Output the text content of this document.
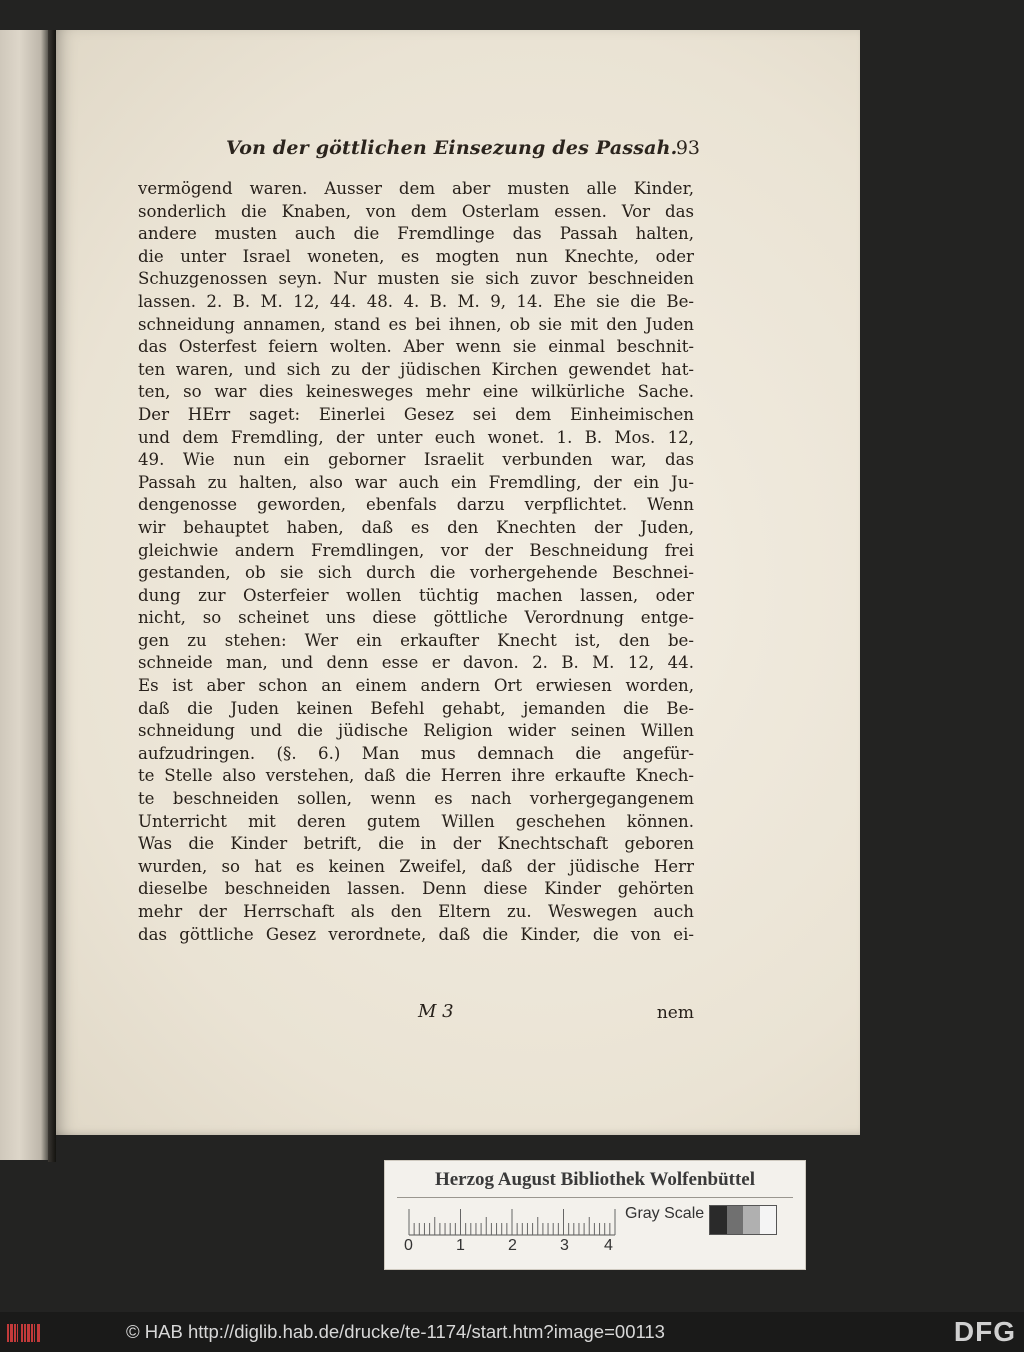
Von der göttlichen Einsezung des Passah.
93
vermögend waren. Ausser dem aber musten alle Kinder,
sonderlich die Knaben, von dem Osterlam essen. Vor das
andere musten auch die Fremdlinge das Passah halten,
die unter Israel woneten, es mogten nun Knechte, oder
Schuzgenossen seyn. Nur musten sie sich zuvor beschneiden
lassen. 2. B. M. 12, 44. 48. 4. B. M. 9, 14. Ehe sie die Be-
schneidung annamen, stand es bei ihnen, ob sie mit den Juden
das Osterfest feiern wolten. Aber wenn sie einmal beschnit-
ten waren, und sich zu der jüdischen Kirchen gewendet hat-
ten, so war dies keinesweges mehr eine wilkürliche Sache.
Der HErr saget: Einerlei Gesez sei dem Einheimischen
und dem Fremdling, der unter euch wonet. 1. B. Mos. 12,
49. Wie nun ein geborner Israelit verbunden war, das
Passah zu halten, also war auch ein Fremdling, der ein Ju-
dengenosse geworden, ebenfals darzu verpflichtet. Wenn
wir behauptet haben, daß es den Knechten der Juden,
gleichwie andern Fremdlingen, vor der Beschneidung frei
gestanden, ob sie sich durch die vorhergehende Beschnei-
dung zur Osterfeier wollen tüchtig machen lassen, oder
nicht, so scheinet uns diese göttliche Verordnung entge-
gen zu stehen: Wer ein erkaufter Knecht ist, den be-
schneide man, und denn esse er davon. 2. B. M. 12, 44.
Es ist aber schon an einem andern Ort erwiesen worden,
daß die Juden keinen Befehl gehabt, jemanden die Be-
schneidung und die jüdische Religion wider seinen Willen
aufzudringen. (§. 6.) Man mus demnach die angefür-
te Stelle also verstehen, daß die Herren ihre erkaufte Knech-
te beschneiden sollen, wenn es nach vorhergegangenem
Unterricht mit deren gutem Willen geschehen können.
Was die Kinder betrift, die in der Knechtschaft geboren
wurden, so hat es keinen Zweifel, daß der jüdische Herr
dieselbe beschneiden lassen. Denn diese Kinder gehörten
mehr der Herrschaft als den Eltern zu. Weswegen auch
das göttliche Gesez verordnete, daß die Kinder, die von ei-
M 3	nem
Herzog August Bibliothek Wolfenbüttel
0	1	2	3 4
Gray Scale
© HAB http://diglib.hab.de/drucke/te-1174/start.htm?image=00113	DFG
